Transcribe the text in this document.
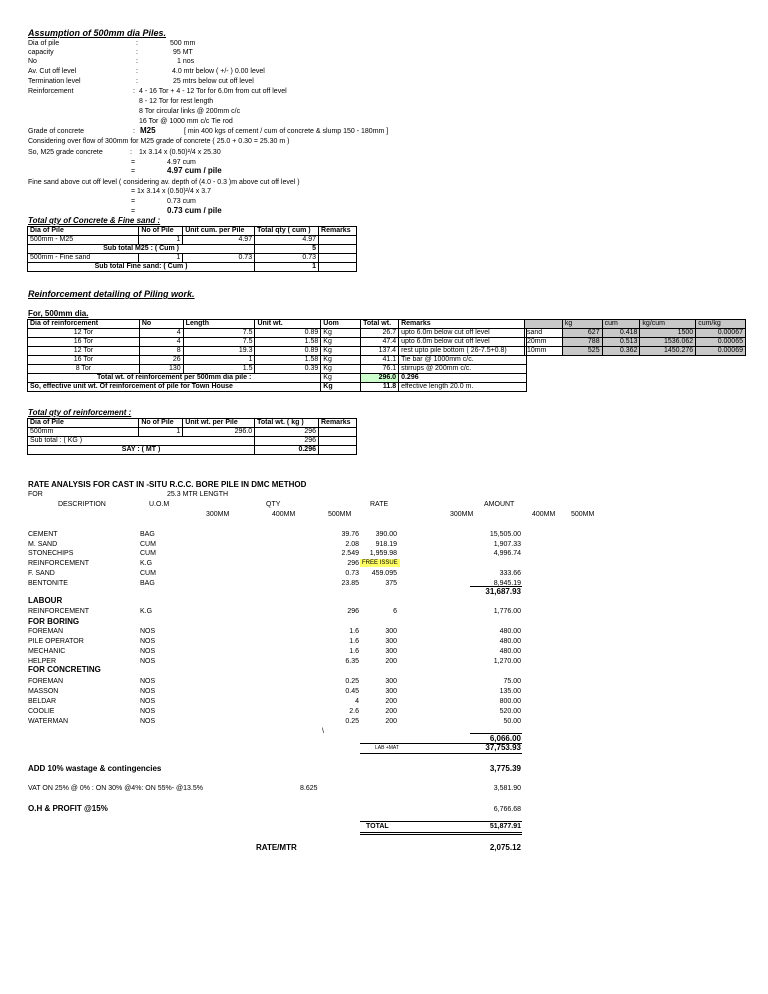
Assumption of 500mm dia Piles.
Dia of pile	:	500 mm
capacity	:	95 MT
No	:	1 nos
Av. Cut off level	:	4.0 mtr below ( +/- ) 0.00 level
Termination level	:	25 mtrs below cut off level
Reinforcement	: 4 - 16 Tor + 4 - 12 Tor for 6.0m from cut off level
8 - 12 Tor for rest length
8 Tor circular links @ 200mm c/c
16 Tor @ 1000 mm c/c Tie rod
Grade of concrete	: M25	[ min 400 kgs of cement / cum of concrete & slump 150 - 180mm ]
Considering over flow of 300mm for M25 grade of concrete ( 25.0 + 0.30 = 25.30 m )
So, M25 grade concrete	: 1x 3.14 x (0.50)²/4 x 25.30
=	4.97 cum
=	4.97 cum / pile
Fine sand above cut off level ( considering av. depth of (4.0 - 0.3 )m above cut off level )
= 1x 3.14 x (0.50)²/4 x 3.7
=	0.73 cum
=	0.73 cum / pile
Total qty of Concrete & Fine sand :
Dia of Pile	No of Pile	Unit cum. per Pile	Total qty ( cum )	Remarks
500mm - M25	1	4.97	4.97	
Sub total M25 : ( Cum )			5	
500mm - Fine sand	1	0.73	0.73	
Sub total Fine sand: ( Cum )			1	
Reinforcement detailing of Piling work.
For, 500mm dia.
Dia of reinforcement	No	Length	Unit wt.	Uom	Total wt.	Remarks
12 Tor	4	7.5	0.89	Kg	26.7	upto 6.0m below cut off level
16 Tor	4	7.5	1.58	Kg	47.4	upto 6.0m below cut off level
12 Tor	8	19.3	0.89	Kg	137.4	rest upto pile bottom ( 26-7.5+0.8)
16 Tor	26	1	1.58	Kg	41.1	Tie bar @ 1000mm c/c.
8 Tor	130	1.5	0.39	Kg	76.1	stirrups @ 200mm c/c.
Total wt. of reinforcement per 500mm dia pile :				Kg	296.0	0.296
So, effective unit wt. Of reinforcement of pile for Town House				Kg	11.8	effective length 20.0 m.
	kg	cum	kg/cum	cum/kg
sand	627	0.418	1500	0.00067
20mm	788	0.513	1536.062	0.00065
10mm	525	0.362	1450.276	0.00069
Total qty of reinforcement :
Dia of Pile	No of Pile	Unit wt. per Pile	Total wt. ( kg )	Remarks
500mm	1	296.0	296	
Sub total : ( KG )			296	
SAY : ( MT )			0.296	
RATE ANALYSIS FOR CAST IN -SITU R.C.C. BORE PILE IN DMC METHOD
FOR	25.3 MTR LENGTH
DESCRIPTION	U.O.M	QTY	RATE	AMOUNT
300MM	400MM	500MM	300MM	400MM 500MM
CEMENT	BAG	39.76	390.00	15,505.00
M. SAND	CUM	2.08	918.19	1,907.33
STONECHIPS	CUM	2.549	1,959.98	4,996.74
REINFORCEMENT	K.G	296 FREE ISSUE
F. SAND	CUM	0.73	459.095	333.66
BENTONITE	BAG	23.85	375	8,945.19
31,687.93
LABOUR
REINFORCEMENT	K.G	296	6	1,776.00
FOR BORING
FOREMAN	NOS	1.6	300	480.00
PILE OPERATOR	NOS	1.6	300	480.00
MECHANIC	NOS	1.6	300	480.00
HELPER	NOS	6.35	200	1,270.00
FOR CONCRETING
FOREMAN	NOS	0.25	300	75.00
MASSON	NOS	0.45	300	135.00
BELDAR	NOS	4	200	800.00
COOLIE	NOS	2.6	200	520.00
WATERMAN	NOS	0.25	200	50.00
\
6,066.00
LAB +MAT	37,753.93
ADD 10% wastage & contingencies	3,775.39
VAT ON 25% @ 0% : ON 30% @4%: ON 55%- @13.5%	8.625	3,581.90
O.H & PROFIT @15%	6,766.68
TOTAL	51,877.91
RATE/MTR	2,075.12
